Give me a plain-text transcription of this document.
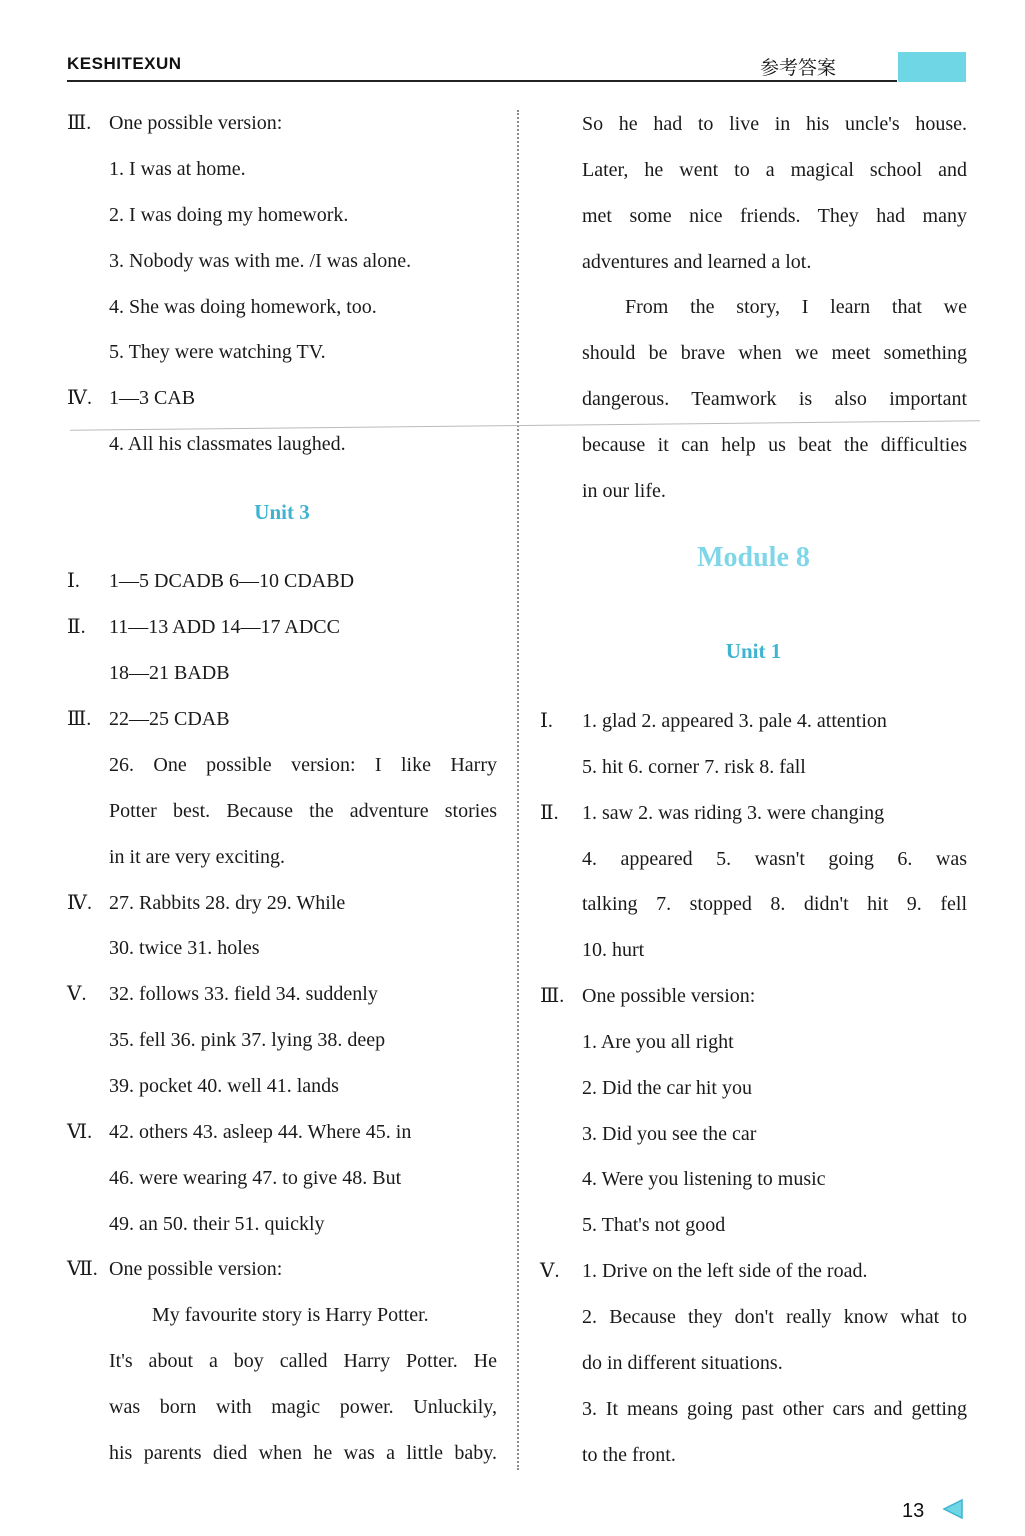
KESHITEXUN	参考答案
Ⅲ. One possible version:
1. I was at home.
2. I was doing my homework.
3. Nobody was with me. /I was alone.
4. She was doing homework, too.
5. They were watching TV.
Ⅳ. 1—3 CAB
4. All his classmates laughed.
Unit 3
Ⅰ. 1—5 DCADB 6—10 CDABD
Ⅱ. 11—13 ADD 14—17 ADCC
18—21 BADB
Ⅲ. 22—25 CDAB
26. One possible version: I like Harry
Potter best. Because the adventure stories
in it are very exciting.
Ⅳ. 27. Rabbits 28. dry 29. While
30. twice 31. holes
Ⅴ. 32. follows 33. field 34. suddenly
35. fell 36. pink 37. lying 38. deep
39. pocket 40. well 41. lands
Ⅵ. 42. others 43. asleep 44. Where 45. in
46. were wearing 47. to give 48. But
49. an 50. their 51. quickly
Ⅶ. One possible version:
My favourite story is Harry Potter.
It's about a boy called Harry Potter. He
was born with magic power. Unluckily,
his parents died when he was a little baby.
So he had to live in his uncle's house.
Later, he went to a magical school and
met some nice friends. They had many
adventures and learned a lot.
From the story, I learn that we
should be brave when we meet something
dangerous. Teamwork is also important
because it can help us beat the difficulties
in our life.
Module 8
Unit 1
Ⅰ. 1. glad 2. appeared 3. pale 4. attention
5. hit 6. corner 7. risk 8. fall
Ⅱ. 1. saw 2. was riding 3. were changing
4. appeared 5. wasn't going 6. was
talking 7. stopped 8. didn't hit 9. fell
10. hurt
Ⅲ. One possible version:
1. Are you all right
2. Did the car hit you
3. Did you see the car
4. Were you listening to music
5. That's not good
Ⅴ. 1. Drive on the left side of the road.
2. Because they don't really know what to
do in different situations.
3. It means going past other cars and getting
to the front.
13
